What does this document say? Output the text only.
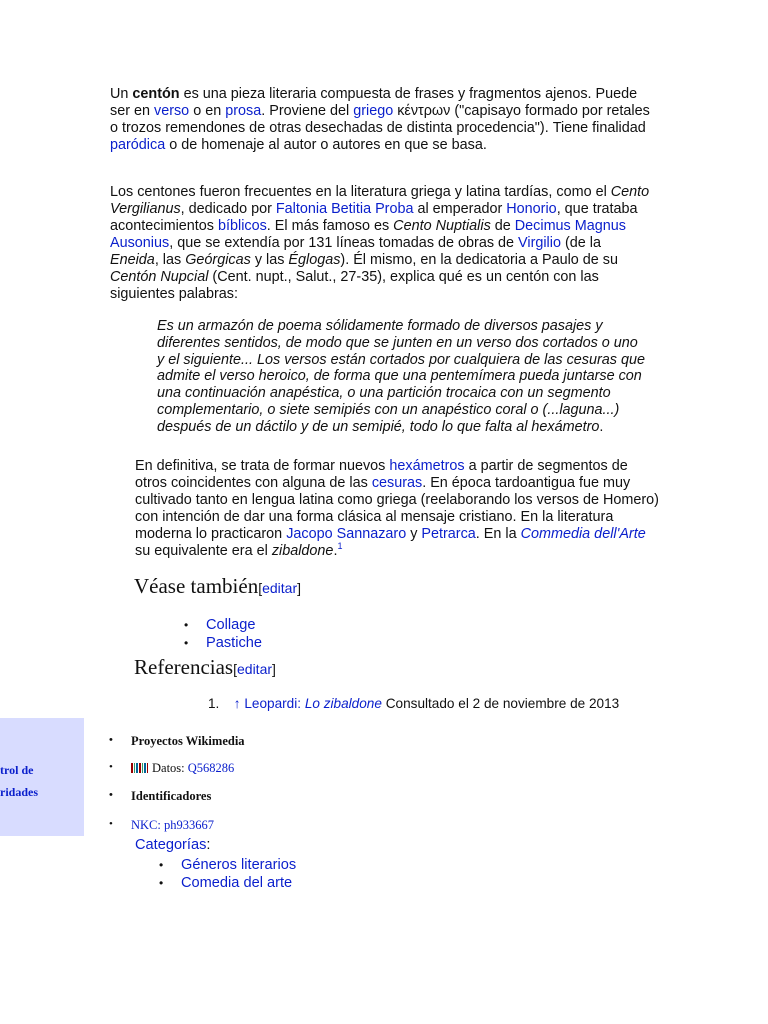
Un centón es una pieza literaria compuesta de frases y fragmentos ajenos. Puede ser en verso o en prosa. Proviene del griego κέντρων ("capisayo formado por retales o trozos remendones de otras desechadas de distinta procedencia"). Tiene finalidad paródica o de homenaje al autor o autores en que se basa.
Los centones fueron frecuentes en la literatura griega y latina tardías, como el Cento Vergilianus, dedicado por Faltonia Betitia Proba al emperador Honorio, que trataba acontecimientos bíblicos. El más famoso es Cento Nuptialis de Decimus Magnus Ausonius, que se extendía por 131 líneas tomadas de obras de Virgilio (de la Eneida, las Geórgicas y las Églogas). Él mismo, en la dedicatoria a Paulo de su Centón Nupcial (Cent. nupt., Salut., 27-35), explica qué es un centón con las siguientes palabras:
Es un armazón de poema sólidamente formado de diversos pasajes y diferentes sentidos, de modo que se junten en un verso dos cortados o uno y el siguiente... Los versos están cortados por cualquiera de las cesuras que admite el verso heroico, de forma que una pentemímera pueda juntarse con una continuación anapéstica, o una partición trocaica con un segmento complementario, o siete semipiés con un anapéstico coral o (...laguna...) después de un dáctilo y de un semipié, todo lo que falta al hexámetro.
En definitiva, se trata de formar nuevos hexámetros a partir de segmentos de otros coincidentes con alguna de las cesuras. En época tardoantigua fue muy cultivado tanto en lengua latina como griega (reelaborando los versos de Homero) con intención de dar una forma clásica al mensaje cristiano. En la literatura moderna lo practicaron Jacopo Sannazaro y Petrarca. En la Commedia dell'Arte su equivalente era el zibaldone.$^1$
Véase también[editar]
• Collage
• Pastiche
Referencias[editar]
1. ↑ Leopardi: Lo zibaldone Consultado el 2 de noviembre de 2013
trol de
ridades
• Proyectos Wikimedia
• Datos: Q568286
• Identificadores
• NKC: ph933667
Categorías:
• Géneros literarios
• Comedia del arte
